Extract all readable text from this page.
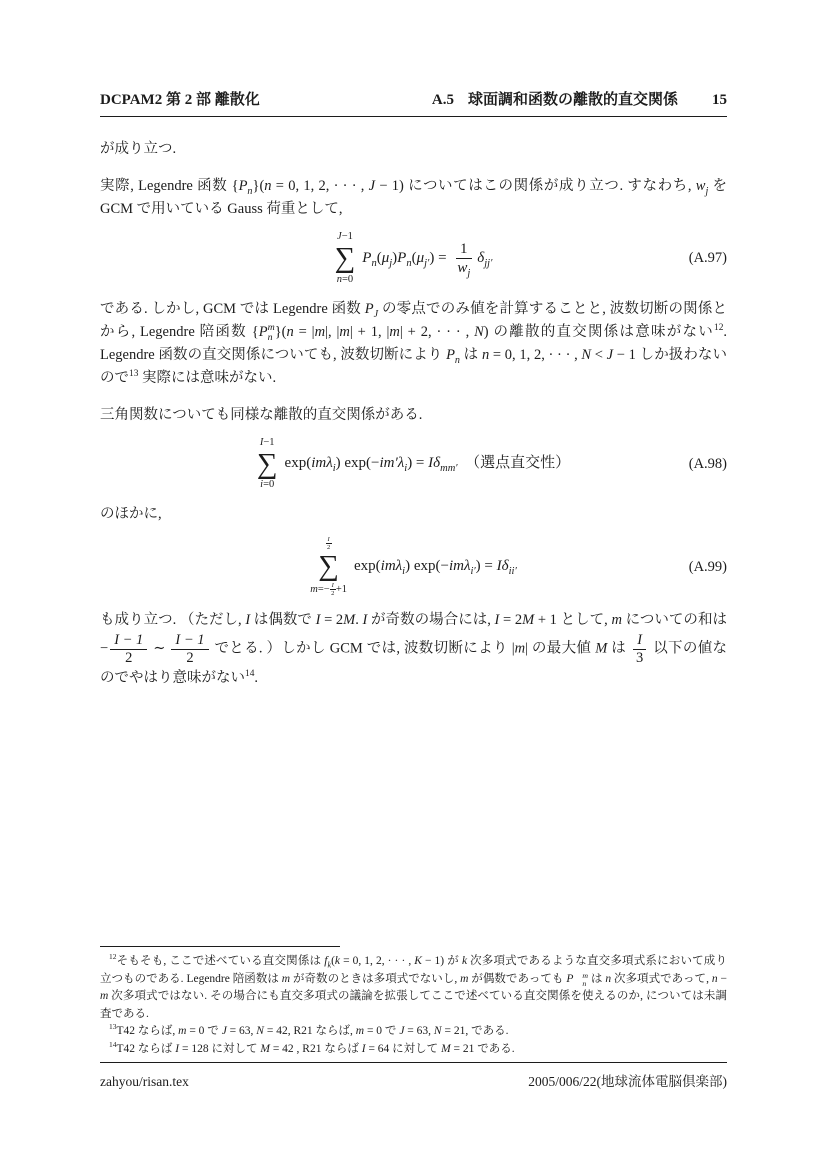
DCPAM2 第 2 部 離散化	A.5 球面調和函数の離散的直交関係 15

が成り立つ.

実際, Legendre 函数 $\{P_n\}(n = 0$, 1, 2, · · · , J − 1) についてはこの関係が成り立つ. すなわち, $w_j$ を GCM で用いている Gauss 荷重として,

J−1
∑
n=0
$P_n(\mu_j)P_n(\mu_{j'}) = \frac{1}{w_j} \delta_{jj'}$	(A.97)

である. しかし, GCM では Legendre 函数 $P_J$ の零点でのみ値を計算することと, 波数切断の関係とから, Legendre 陪函数 {P m
n }(n = |m|, |m| + 1, |m| + 2, · · · , N) の離散的直交関係は意味がない$^{12}$.　Legendre 函数の直交関係についても, 波数切断により $P_n$ は n = 0, 1, 2, · · · , N < J − 1 しか扱わないので$^{13}$ 実際には意味がない.

三角関数についても同様な離散的直交関係がある.

I−1
∑
i=0
exp(imλ$_i$) $\exp(-im'\lambda_i) = I\delta_{mm'}$　（選点直交性）	(A.98)

のほかに,

$\frac{I}{2}$
∑
$m=- \frac{I}{2} +1$
exp(imλ$_i$) $\exp(-im\lambda_{i'}) = I\delta_{ii'}$	(A.99)

も成り立つ. （ただし, I は偶数で I = 2M. I が奇数の場合には, I = 2M + 1 として, m についての和は − $\frac{I - 1}{2}$ ∼ $\frac{I - 1}{2}$ でとる. ）しかし GCM では, 波数切断により |m| の最大値 M は $\frac{I}{3}$ 以下の値なのでやはり意味がない$^{14}$.

$^{12}$そもそも, ここで述べている直交関係は $f_k(k = 0$, 1, 2, · · · , K − 1) が k 次多項式であるような直交多項式系において成り立つものである. Legendre 陪函数は m が奇数のときは多項式でないし, m が偶数であっても P	m
n は n 次多項式であって, n − m 次多項式ではない. その場合にも直交多項式の議論を拡張してここで述べている直交関係を使えるのか, については未調査である.

$^{13}$T42 ならば, m = 0 で J = 63, N = 42, R21 ならば, m = 0 で J = 63, N = 21, である.

$^{14}$T42 ならば I = 128 に対して M = 42 , R21 ならば I = 64 に対して M = 21 である.

zahyou/risan.tex	2005/006/22(地球流体電脳倶楽部)
